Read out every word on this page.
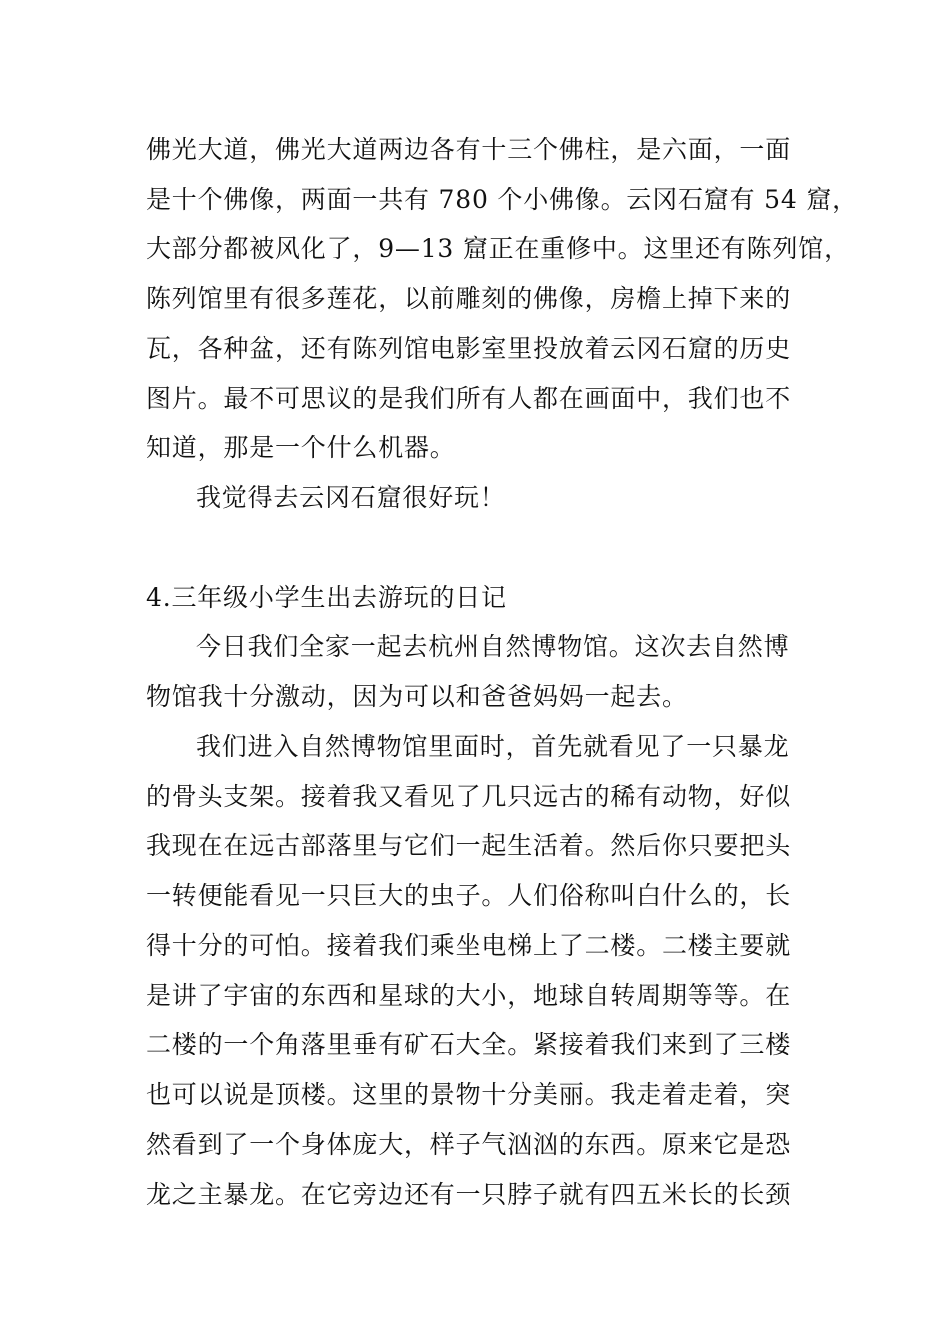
佛光大道，佛光大道两边各有十三个佛柱，是六面，一面
是十个佛像，两面一共有 780 个小佛像。云冈石窟有 54 窟，
大部分都被风化了，9—13 窟正在重修中。这里还有陈列馆，
陈列馆里有很多莲花，以前雕刻的佛像，房檐上掉下来的
瓦，各种盆，还有陈列馆电影室里投放着云冈石窟的历史
图片。最不可思议的是我们所有人都在画面中，我们也不
知道，那是一个什么机器。
我觉得去云冈石窟很好玩！
4.三年级小学生出去游玩的日记
今日我们全家一起去杭州自然博物馆。这次去自然博
物馆我十分激动，因为可以和爸爸妈妈一起去。
我们进入自然博物馆里面时，首先就看见了一只暴龙
的骨头支架。接着我又看见了几只远古的稀有动物，好似
我现在在远古部落里与它们一起生活着。然后你只要把头
一转便能看见一只巨大的虫子。人们俗称叫白什么的，长
得十分的可怕。接着我们乘坐电梯上了二楼。二楼主要就
是讲了宇宙的东西和星球的大小，地球自转周期等等。在
二楼的一个角落里垂有矿石大全。紧接着我们来到了三楼
也可以说是顶楼。这里的景物十分美丽。我走着走着，突
然看到了一个身体庞大，样子气汹汹的东西。原来它是恐
龙之主暴龙。在它旁边还有一只脖子就有四五米长的长颈
